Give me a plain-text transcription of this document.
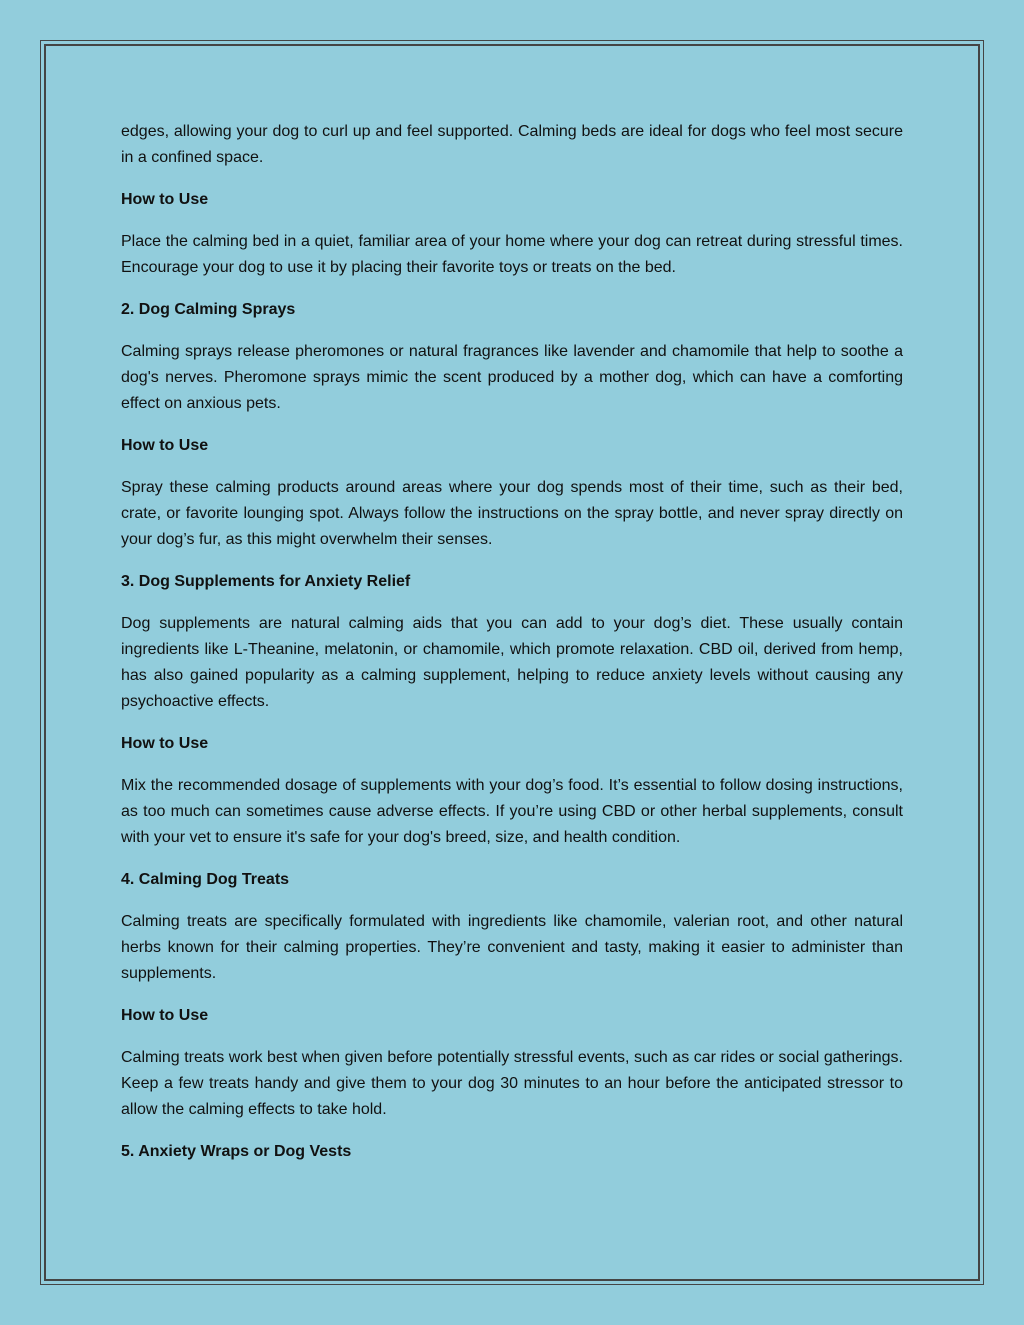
edges, allowing your dog to curl up and feel supported. Calming beds are ideal for dogs who feel most secure in a confined space.

How to Use

Place the calming bed in a quiet, familiar area of your home where your dog can retreat during stressful times. Encourage your dog to use it by placing their favorite toys or treats on the bed.

2. Dog Calming Sprays

Calming sprays release pheromones or natural fragrances like lavender and chamomile that help to soothe a dog's nerves. Pheromone sprays mimic the scent produced by a mother dog, which can have a comforting effect on anxious pets.

How to Use

Spray these calming products around areas where your dog spends most of their time, such as their bed, crate, or favorite lounging spot. Always follow the instructions on the spray bottle, and never spray directly on your dog’s fur, as this might overwhelm their senses.

3. Dog Supplements for Anxiety Relief

Dog supplements are natural calming aids that you can add to your dog’s diet. These usually contain ingredients like L-Theanine, melatonin, or chamomile, which promote relaxation. CBD oil, derived from hemp, has also gained popularity as a calming supplement, helping to reduce anxiety levels without causing any psychoactive effects.

How to Use

Mix the recommended dosage of supplements with your dog’s food. It’s essential to follow dosing instructions, as too much can sometimes cause adverse effects. If you’re using CBD or other herbal supplements, consult with your vet to ensure it's safe for your dog's breed, size, and health condition.

4. Calming Dog Treats

Calming treats are specifically formulated with ingredients like chamomile, valerian root, and other natural herbs known for their calming properties. They’re convenient and tasty, making it easier to administer than supplements.

How to Use

Calming treats work best when given before potentially stressful events, such as car rides or social gatherings. Keep a few treats handy and give them to your dog 30 minutes to an hour before the anticipated stressor to allow the calming effects to take hold.

5. Anxiety Wraps or Dog Vests
